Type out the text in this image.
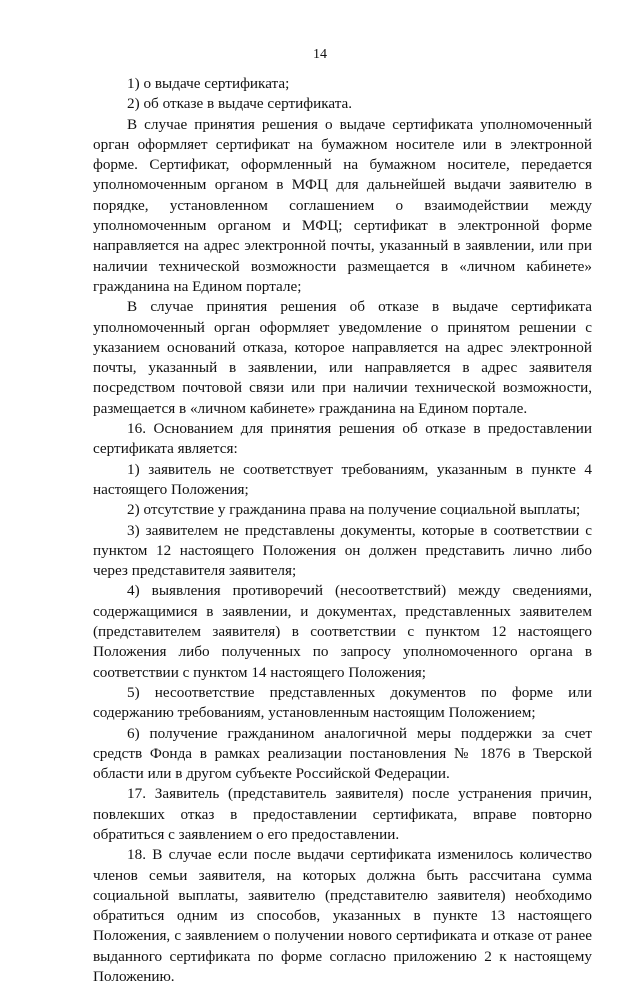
14

1) о выдаче сертификата;

2) об отказе в выдаче сертификата.

В случае принятия решения о выдаче сертификата уполномоченный орган оформляет сертификат на бумажном носителе или в электронной форме. Сертификат, оформленный на бумажном носителе, передается уполномоченным органом в МФЦ для дальнейшей выдачи заявителю в порядке, установленном соглашением о взаимодействии между уполномоченным органом и МФЦ; сертификат в электронной форме направляется на адрес электронной почты, указанный в заявлении, или при наличии технической возможности размещается в «личном кабинете» гражданина на Едином портале;

В случае принятия решения об отказе в выдаче сертификата уполномоченный орган оформляет уведомление о принятом решении с указанием оснований отказа, которое направляется на адрес электронной почты, указанный в заявлении, или направляется в адрес заявителя посредством почтовой связи или при наличии технической возможности, размещается в «личном кабинете» гражданина на Едином портале.

16. Основанием для принятия решения об отказе в предоставлении сертификата является:

1) заявитель не соответствует требованиям, указанным в пункте 4 настоящего Положения;

2) отсутствие у гражданина права на получение социальной выплаты;

3) заявителем не представлены документы, которые в соответствии с пунктом 12 настоящего Положения он должен представить лично либо через представителя заявителя;

4) выявления противоречий (несоответствий) между сведениями, содержащимися в заявлении, и документах, представленных заявителем (представителем заявителя) в соответствии с пунктом 12 настоящего Положения либо полученных по запросу уполномоченного органа в соответствии с пунктом 14 настоящего Положения;

5) несоответствие представленных документов по форме или содержанию требованиям, установленным настоящим Положением;

6) получение гражданином аналогичной меры поддержки за счет средств Фонда в рамках реализации постановления № 1876 в Тверской области или в другом субъекте Российской Федерации.

17. Заявитель (представитель заявителя) после устранения причин, повлекших отказ в предоставлении сертификата, вправе повторно обратиться с заявлением о его предоставлении.

18. В случае если после выдачи сертификата изменилось количество членов семьи заявителя, на которых должна быть рассчитана сумма социальной выплаты, заявителю (представителю заявителя) необходимо обратиться одним из способов, указанных в пункте 13 настоящего Положения, с заявлением о получении нового сертификата и отказе от ранее выданного сертификата по форме согласно приложению 2 к настоящему Положению.
